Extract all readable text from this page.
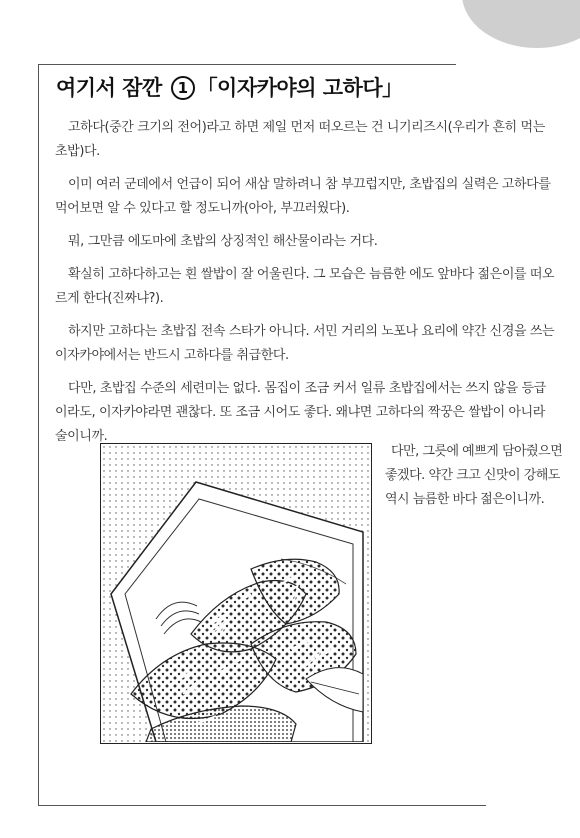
여기서 잠깐 1 「이자카야의 고하다」

고하다(중간 크기의 전어)라고 하면 제일 먼저 떠오르는 건 니기리즈시(우리가 흔히 먹는 초밥)다.

이미 여러 군데에서 언급이 되어 새삼 말하려니 참 부끄럽지만, 초밥집의 실력은 고하다를 먹어보면 알 수 있다고 할 정도니까(아아, 부끄러웠다).

뭐, 그만큼 에도마에 초밥의 상징적인 해산물이라는 거다.

확실히 고하다하고는 흰 쌀밥이 잘 어울린다. 그 모습은 늠름한 에도 앞바다 젊은이를 떠오르게 한다(진짜냐?).

하지만 고하다는 초밥집 전속 스타가 아니다. 서민 거리의 노포나 요리에 약간 신경을 쓰는 이자카야에서는 반드시 고하다를 취급한다.

다만, 초밥집 수준의 세련미는 없다. 몸집이 조금 커서 일류 초밥집에서는 쓰지 않을 등급이라도, 이자카야라면 괜찮다. 또 조금 시어도 좋다. 왜냐면 고하다의 짝꿍은 쌀밥이 아니라 술이니까.

다만, 그릇에 예쁘게 담아줬으면 좋겠다. 약간 크고 신맛이 강해도 역시 늠름한 바다 젊은이니까.
